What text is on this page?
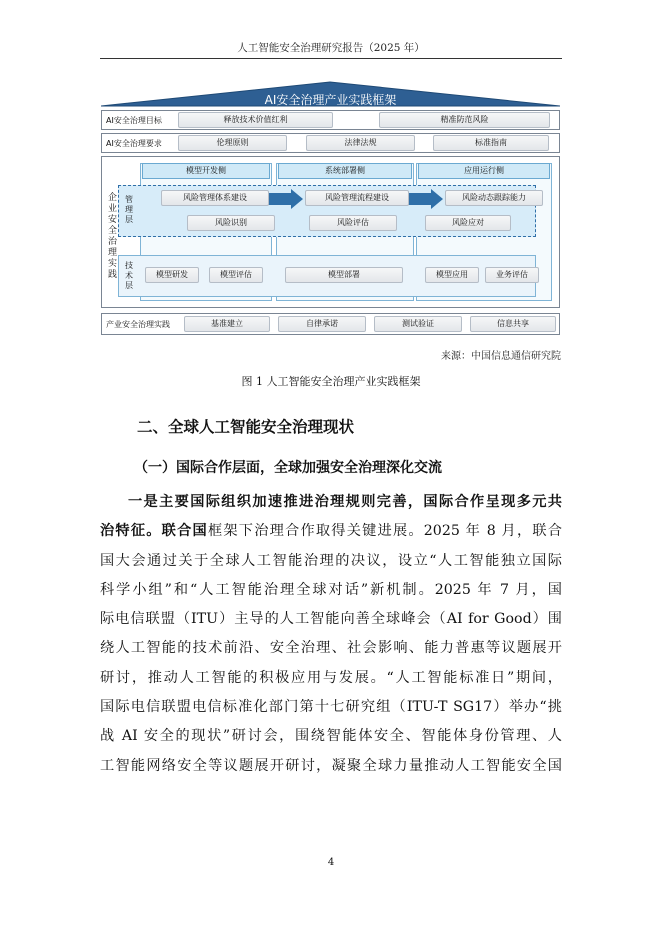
人工智能安全治理研究报告（2025 年）
AI安全治理产业实践框架
AI安全治理目标	释放技术价值红利	精准防范风险
AI安全治理要求	伦理原则	法律法规	标准指南
企业安全治理实践
模型开发侧	系统部署侧	应用运行侧
管理层
风险管理体系建设	风险管理流程建设	风险动态跟踪能力
风险识别	风险评估	风险应对
技术层
模型研发	模型评估	模型部署	模型应用	业务评估
产业安全治理实践	基准建立	自律承诺	测试验证	信息共享
来源：中国信息通信研究院
图 1 人工智能安全治理产业实践框架
二、全球人工智能安全治理现状
（一）国际合作层面，全球加强安全治理深化交流
一是主要国际组织加速推进治理规则完善，国际合作呈现多元共
治特征。联合国框架下治理合作取得关键进展。2025 年 8 月，联合
国大会通过关于全球人工智能治理的决议，设立“人工智能独立国际
科学小组”和“人工智能治理全球对话”新机制。2025 年 7 月，国
际电信联盟（ITU）主导的人工智能向善全球峰会（AI for Good）围
绕人工智能的技术前沿、安全治理、社会影响、能力普惠等议题展开
研讨，推动人工智能的积极应用与发展。“人工智能标准日”期间，
国际电信联盟电信标准化部门第十七研究组（ITU-T SG17）举办“挑
战 AI 安全的现状”研讨会，围绕智能体安全、智能体身份管理、人
工智能网络安全等议题展开研讨，凝聚全球力量推动人工智能安全国
4
